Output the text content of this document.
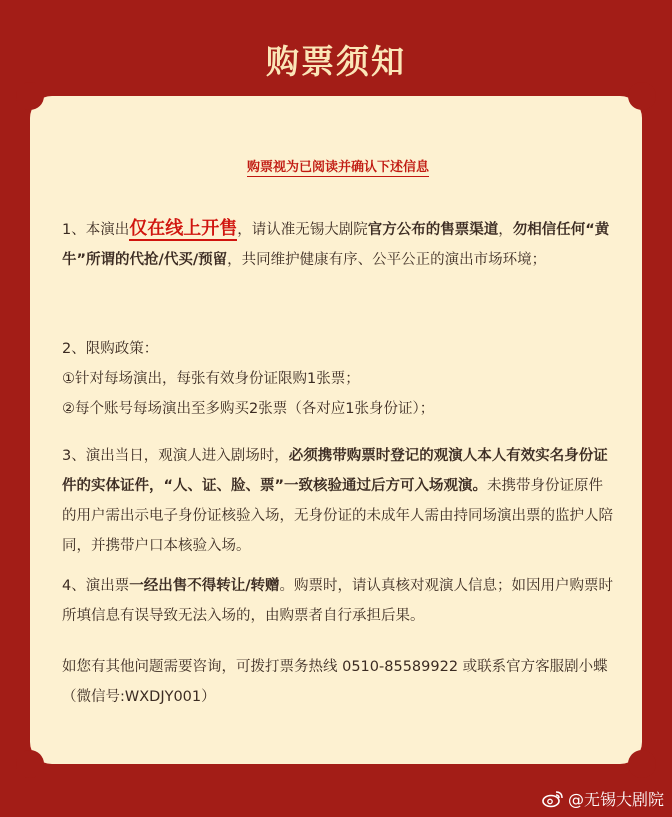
购票须知
购票视为已阅读并确认下述信息
1、本演出仅在线上开售，请认准无锡大剧院官方公布的售票渠道，勿相信任何“黄牛”所谓的代抢/代买/预留，共同维护健康有序、公平公正的演出市场环境；
2、限购政策：
①针对每场演出，每张有效身份证限购1张票；
②每个账号每场演出至多购买2张票（各对应1张身份证）；
3、演出当日，观演人进入剧场时，必须携带购票时登记的观演人本人有效实名身份证件的实体证件，“人、证、脸、票”一致核验通过后方可入场观演。未携带身份证原件的用户需出示电子身份证核验入场，无身份证的未成年人需由持同场演出票的监护人陪同，并携带户口本核验入场。
4、演出票一经出售不得转让/转赠。购票时，请认真核对观演人信息；如因用户购票时所填信息有误导致无法入场的，由购票者自行承担后果。
如您有其他问题需要咨询，可拨打票务热线 0510-85589922 或联系官方客服剧小蝶（微信号:WXDJY001）
@无锡大剧院
